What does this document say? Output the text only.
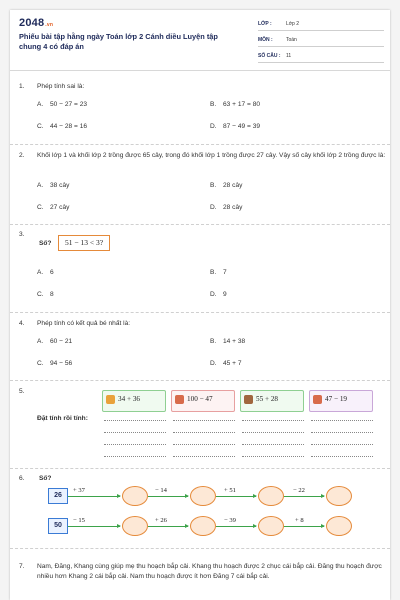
2048.vn
Phiếu bài tập hằng ngày Toán lớp 2 Cánh diều Luyện tập chung 4 có đáp án
LỚP :	Lớp 2
MÔN :	Toán
SỐ CÂU : 11
1. Phép tính sai là:
A. 50 − 27 = 23	B. 63 + 17 = 80
C. 44 − 28 = 16	D. 87 − 49 = 39
2. Khối lớp 1 và khối lớp 2 trồng được 65 cây, trong đó khối lớp 1 trồng được 27 cây. Vậy số cây khối lớp 2 trồng được là:
A. 38 cây	B. 28 cây
C. 27 cây	D. 28 cây
3.
Số?	51 − 13 < 3?
A. 6	B. 7
C. 8	D. 9
4. Phép tính có kết quả bé nhất là:
A. 60 − 21	B. 14 + 38
C. 94 − 56	D. 45 + 7
5.
34 + 36	100 − 47	55 + 28	47 − 19
Đặt tính rồi tính:
6. Số?
26
+ 37	− 14	+ 51	− 22
50
− 15	+ 26	− 39	+ 8
7. Nam, Đăng, Khang cùng giúp mẹ thu hoạch bắp cải. Khang thu hoạch được 2 chục cái bắp cải. Đăng thu hoạch được nhiều hơn Khang 2 cái bắp cải. Nam thu hoạch được ít hơn Đăng 7 cái bắp cải.
